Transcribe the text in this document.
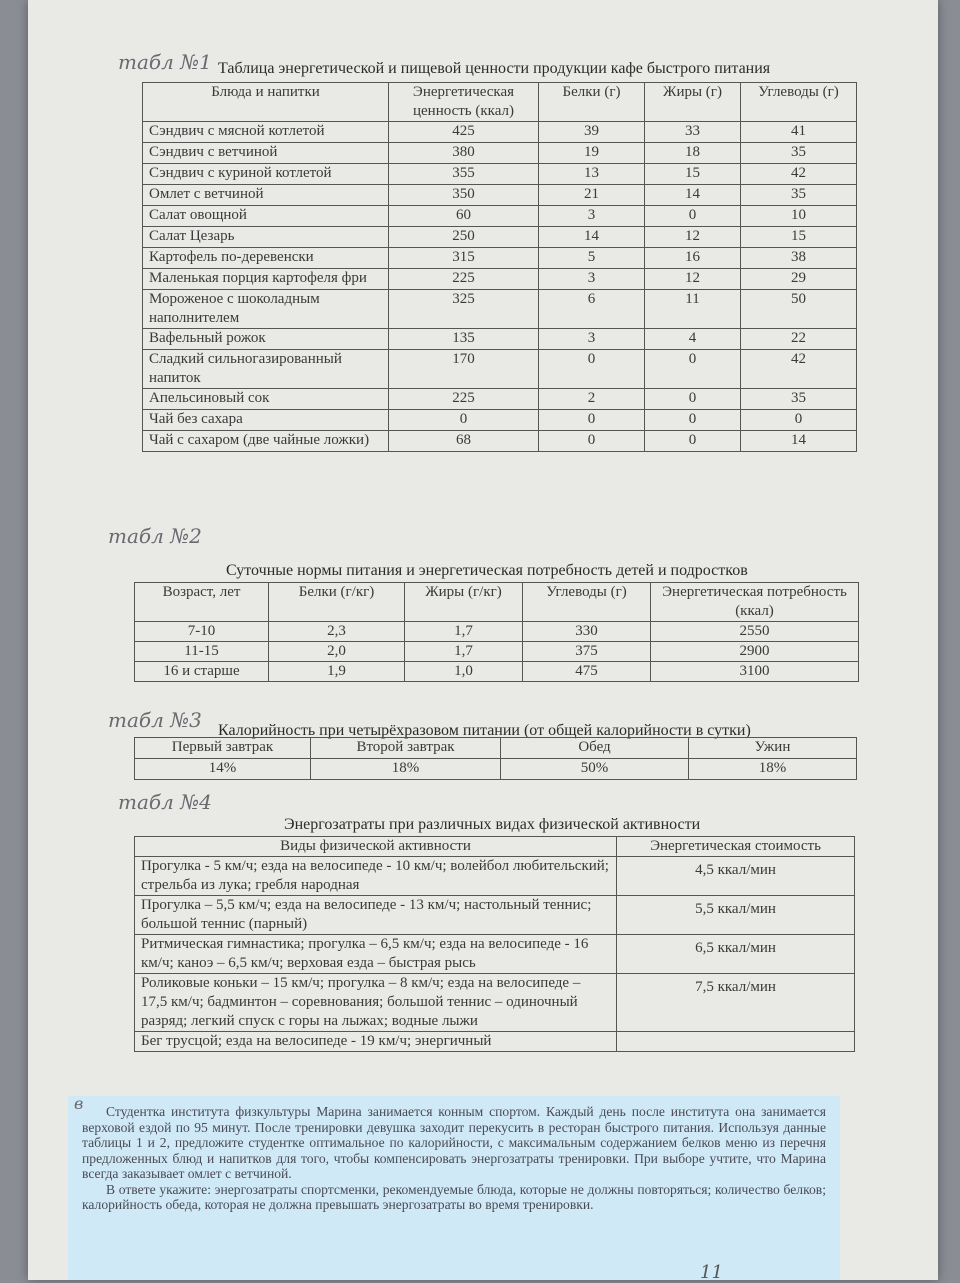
табл №1 Таблица энергетической и пищевой ценности продукции кафе быстрого питания
Блюда и напитки	Энергетическая ценность (ккал)	Белки (г)	Жиры (г)	Углеводы (г)
Сэндвич с мясной котлетой	425	39	33	41
Сэндвич с ветчиной	380	19	18	35
Сэндвич с куриной котлетой	355	13	15	42
Омлет с ветчиной	350	21	14	35
Салат овощной	60	3	0	10
Салат Цезарь	250	14	12	15
Картофель по-деревенски	315	5	16	38
Маленькая порция картофеля фри	225	3	12	29
Мороженое с шоколадным наполнителем	325	6	11	50
Вафельный рожок	135	3	4	22
Сладкий сильногазированный напиток	170	0	0	42
Апельсиновый сок	225	2	0	35
Чай без сахара	0	0	0	0
Чай с сахаром (две чайные ложки)	68	0	0	14
табл №2
Суточные нормы питания и энергетическая потребность детей и подростков
Возраст, лет	Белки (г/кг)	Жиры (г/кг)	Углеводы (г)	Энергетическая потребность (ккал)
7-10	2,3	1,7	330	2550
11-15	2,0	1,7	375	2900
16 и старше	1,9	1,0	475	3100
табл №3 Калорийность при четырёхразовом питании (от общей калорийности в сутки)
Первый завтрак	Второй завтрак	Обед	Ужин
14%	18%	50%	18%
табл №4
Энергозатраты при различных видах физической активности
Виды физической активности	Энергетическая стоимость
Прогулка - 5 км/ч; езда на велосипеде - 10 км/ч; волейбол любительский; стрельба из лука; гребля народная	4,5 ккал/мин
Прогулка – 5,5 км/ч; езда на велосипеде - 13 км/ч; настольный теннис; большой теннис (парный)	5,5 ккал/мин
Ритмическая гимнастика; прогулка – 6,5 км/ч; езда на велосипеде - 16 км/ч; каноэ – 6,5 км/ч; верховая езда – быстрая рысь	6,5 ккал/мин
Роликовые коньки – 15 км/ч; прогулка – 8 км/ч; езда на велосипеде – 17,5 км/ч; бадминтон – соревнования; большой теннис – одиночный разряд; легкий спуск с горы на лыжах; водные лыжи	7,5 ккал/мин
Бег трусцой; езда на велосипеде - 19 км/ч; энергичный	

Студентка института физкультуры Марина занимается конным спортом. Каждый день после института она занимается верховой ездой по 95 минут. После тренировки девушка заходит перекусить в ресторан быстрого питания. Используя данные таблицы 1 и 2, предложите студентке оптимальное по калорийности, с максимальным содержанием белков меню из перечня предложенных блюд и напитков для того, чтобы компенсировать энергозатраты тренировки. При выборе учтите, что Марина всегда заказывает омлет с ветчиной.

В ответе укажите: энергозатраты спортсменки, рекомендуемые блюда, которые не должны повторяться; количество белков; калорийность обеда, которая не должна превышать энергозатраты во время тренировки.

в
11
